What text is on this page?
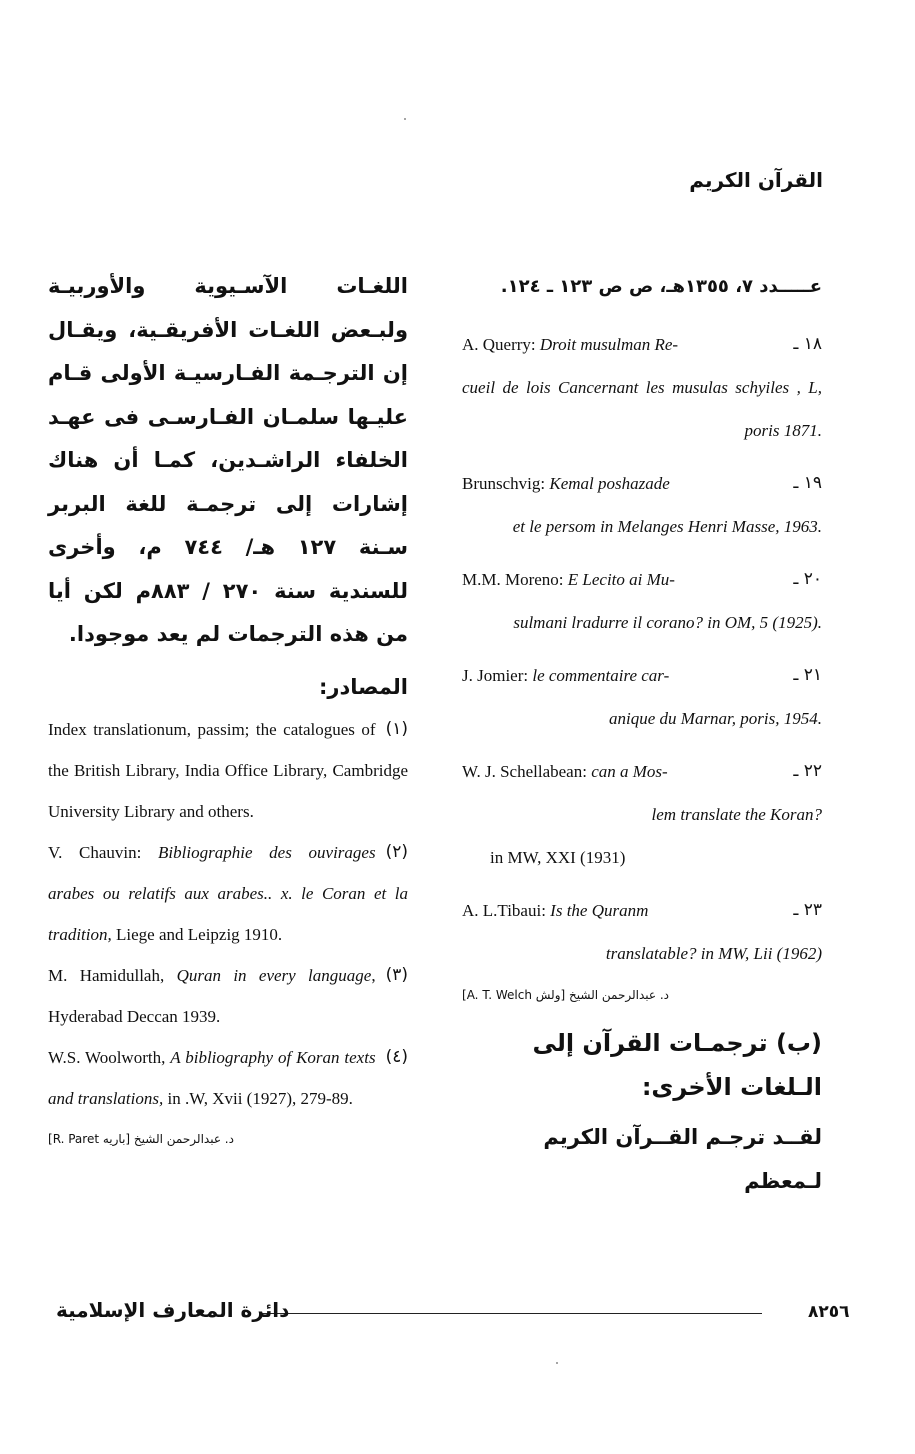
القرآن الكريم

اللغـات الآسـيوية والأوربيـة ولبـعض اللغـات الأفريقـية، ويقـال إن الترجـمة الفـارسيـة الأولى قـام عليـها سلمـان الفـارسـى فى عهـد الخلفاء الراشـدين، كمـا أن هناك إشارات إلى ترجمـة للغة البربر سـنة ١٢٧ هـ/ ٧٤٤ م، وأخرى للسندية سنة ٢٧٠ / ٨٨٣م لكن أيا من هذه الترجمات لم يعد موجودا.

المصادر:
(١)
Index translationum, passim; the catalogues of the British Library, India Office Library, Cambridge University Library and others.
(٢)
V. Chauvin: Bibliographie des ouvirages arabes ou relatifs aux arabes.. x. le Coran et la tradition, Liege and Leipzig 1910.
(٣)
M. Hamidullah, Quran in every language, Hyderabad Deccan 1939.
(٤)
W.S. Woolworth, A bibliography of Koran texts and translations, in .W, Xvii (1927), 279-89.
د. عبدالرحمن الشيخ [باريه R. Paret]

عـــــدد ٧، ١٣٥٥هـ، ص ص ١٢٣ ـ ١٢٤.

A. Querry: Droit musulman Re-	١٨ ـ
cueil de lois Cancernant les musulas schyiles , L, poris 1871.
Brunschvig: Kemal poshazade	١٩ ـ
et le persom in Melanges Henri Masse, 1963.
M.M. Moreno: E Lecito ai Mu-	٢٠ ـ
sulmani lradurre il corano? in OM, 5 (1925).
J. Jomier: le commentaire car-	٢١ ـ
anique du Marnar, poris, 1954.
W. J. Schellabean: can a Mos-	٢٢ ـ
lem translate the Koran?
in MW, XXI (1931)
A. L.Tibaui: Is the Quranm	٢٣ ـ
translatable? in MW, Lii (1962)
د. عبدالرحمن الشيخ [ولش A. T. Welch]
(ب) ترجمـات القرآن إلى الـلغات الأخرى:
لقــد ترجـم القــرآن الكريم لـمعظم
٨٢٥٦
دائرة المعارف الإسلامية
